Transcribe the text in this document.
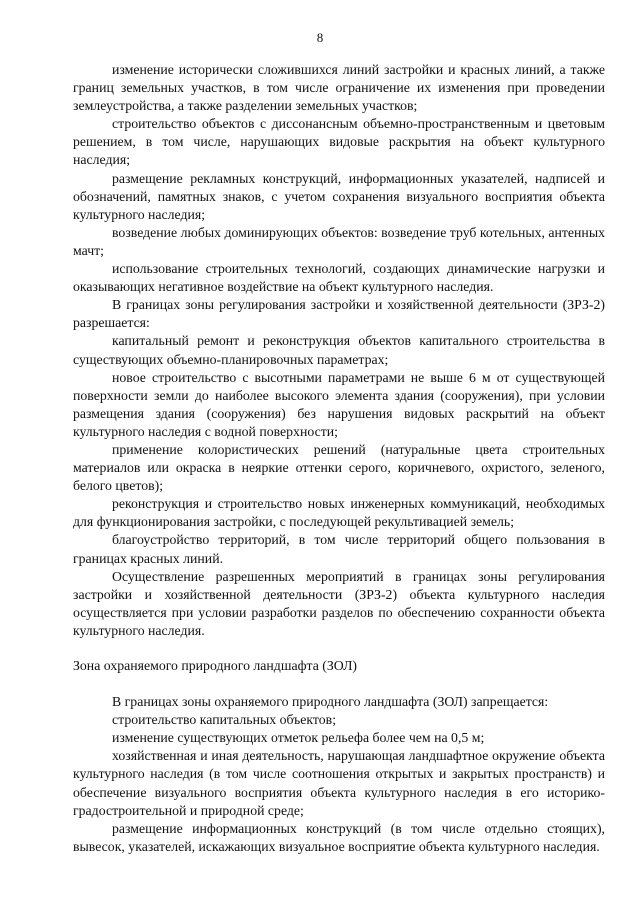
8

изменение исторически сложившихся линий застройки и красных линий, а также границ земельных участков, в том числе ограничение их изменения при проведении землеустройства, а также разделении земельных участков;

строительство объектов с диссонансным объемно-пространственным и цветовым решением, в том числе, нарушающих видовые раскрытия на объект культурного наследия;

размещение рекламных конструкций, информационных указателей, надписей и обозначений, памятных знаков, с учетом сохранения визуального восприятия объекта культурного наследия;

возведение любых доминирующих объектов: возведение труб котельных, антенных мачт;

использование строительных технологий, создающих динамические нагрузки и оказывающих негативное воздействие на объект культурного наследия.

В границах зоны регулирования застройки и хозяйственной деятельности (ЗРЗ-2) разрешается:

капитальный ремонт и реконструкция объектов капитального строительства в существующих объемно-планировочных параметрах;

новое строительство с высотными параметрами не выше 6 м от существующей поверхности земли до наиболее высокого элемента здания (сооружения), при условии размещения здания (сооружения) без нарушения видовых раскрытий на объект культурного наследия с водной поверхности;

применение колористических решений (натуральные цвета строительных материалов или окраска в неяркие оттенки серого, коричневого, охристого, зеленого, белого цветов);

реконструкция и строительство новых инженерных коммуникаций, необходимых для функционирования застройки, с последующей рекультивацией земель;

благоустройство территорий, в том числе территорий общего пользования в границах красных линий.

Осуществление разрешенных мероприятий в границах зоны регулирования застройки и хозяйственной деятельности (ЗРЗ-2) объекта культурного наследия осуществляется при условии разработки разделов по обеспечению сохранности объекта культурного наследия.

Зона охраняемого природного ландшафта (ЗОЛ)

В границах зоны охраняемого природного ландшафта (ЗОЛ) запрещается:

строительство капитальных объектов;

изменение существующих отметок рельефа более чем на 0,5 м;

хозяйственная и иная деятельность, нарушающая ландшафтное окружение объекта культурного наследия (в том числе соотношения открытых и закрытых пространств) и обеспечение визуального восприятия объекта культурного наследия в его историко-градостроительной и природной среде;

размещение информационных конструкций (в том числе отдельно стоящих), вывесок, указателей, искажающих визуальное восприятие объекта культурного наследия.
